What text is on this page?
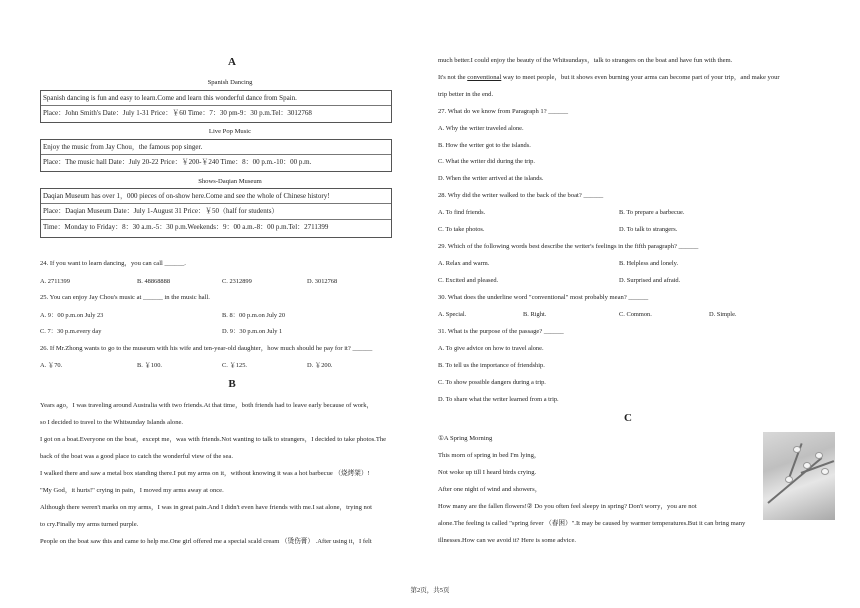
A
Spanish Dancing
Spanish dancing is fun and easy to learn.Come and learn this wonderful dance from Spain.
Place：John Smith's Date：July 1-31 Price：￥60 Time：7：30 pm-9：30 p.m.Tel：3012768
Live Pop Music
Enjoy the music from Jay Chou，the famous pop singer.
Place：The music hall Date：July 20-22 Price：￥200-￥240 Time：8：00 p.m.-10：00 p.m.
Shows-Daqian Museum
Daqian Museum has over 1，000 pieces of on-show here.Come and see the whole of Chinese history!
Place：Daqian Museum Date：July 1-August 31 Price：￥50（half for students）
Time：Monday to Friday：8：30 a.m.-5：30 p.m.Weekends：9：00 a.m.-8：00 p.m.Tel：2711399
24. If you want to learn dancing，you can call ______.
A. 2711399	B. 48868888	C. 2312899	D. 3012768
25. You can enjoy Jay Chou's music at ______ in the music hall.
A. 9：00 p.m.on July 23	B. 8：00 p.m.on July 20
C. 7：30 p.m.every day	D. 9：30 p.m.on July 1
26. If Mr.Zhong wants to go to the museum with his wife and ten-year-old daughter，how much should he pay for it? ______
A. ￥70.	B. ￥100.	C. ￥125.	D. ￥200.
B
Years ago，I was traveling around Australia with two friends.At that time，both friends had to leave early because of work，
so I decided to travel to the Whitsunday Islands alone.
I got on a boat.Everyone on the boat，except me，was with friends.Not wanting to talk to strangers，I decided to take photos.The
back of the boat was a good place to catch the wonderful view of the sea.
I walked there and saw a metal box standing there.I put my arms on it，without knowing it was a hot barbecue （烧烤架）!
"My God，it hurts!" crying in pain，I moved my arms away at once.
Although there weren't marks on my arms，I was in great pain.And I didn't even have friends with me.I sat alone，trying not
to cry.Finally my arms turned purple.
People on the boat saw this and came to help me.One girl offered me a special scald cream （烫伤膏） .After using it，I felt
much better.I could enjoy the beauty of the Whitsundays，talk to strangers on the boat and have fun with them.
It's not the conventional way to meet people，but it shows even burning your arms can become part of your trip，and make your
trip better in the end.
27. What do we know from Paragraph 1? ______
A. Why the writer traveled alone.
B. How the writer got to the islands.
C. What the writer did during the trip.
D. When the writer arrived at the islands.
28. Why did the writer walked to the back of the boat? ______
A. To find friends.	B. To prepare a barbecue.
C. To take photos.	D. To talk to strangers.
29. Which of the following words best describe the writer's feelings in the fifth paragraph? ______
A. Relax and warm.	B. Helpless and lonely.
C. Excited and pleased.	D. Surprised and afraid.
30. What does the underline word "conventional" most probably mean? ______
A. Special.	B. Right.	C. Common.	D. Simple.
31. What is the purpose of the passage? ______
A. To give advice on how to travel alone.
B. To tell us the importance of friendship.
C. To show possible dangers during a trip.
D. To share what the writer learned from a trip.
C
①A Spring Morning
This morn of spring in bed I'm lying，
Not woke up till I heard birds crying.
After one night of wind and showers，
How many are the fallen flowers!② Do you often feel sleepy in spring? Don't worry，you are not
alone.The feeling is called "spring fever （春困）".It may be caused by warmer temperatures.But it can bring many
illnesses.How can we avoid it? Here is some advice.
第2页，共5页
